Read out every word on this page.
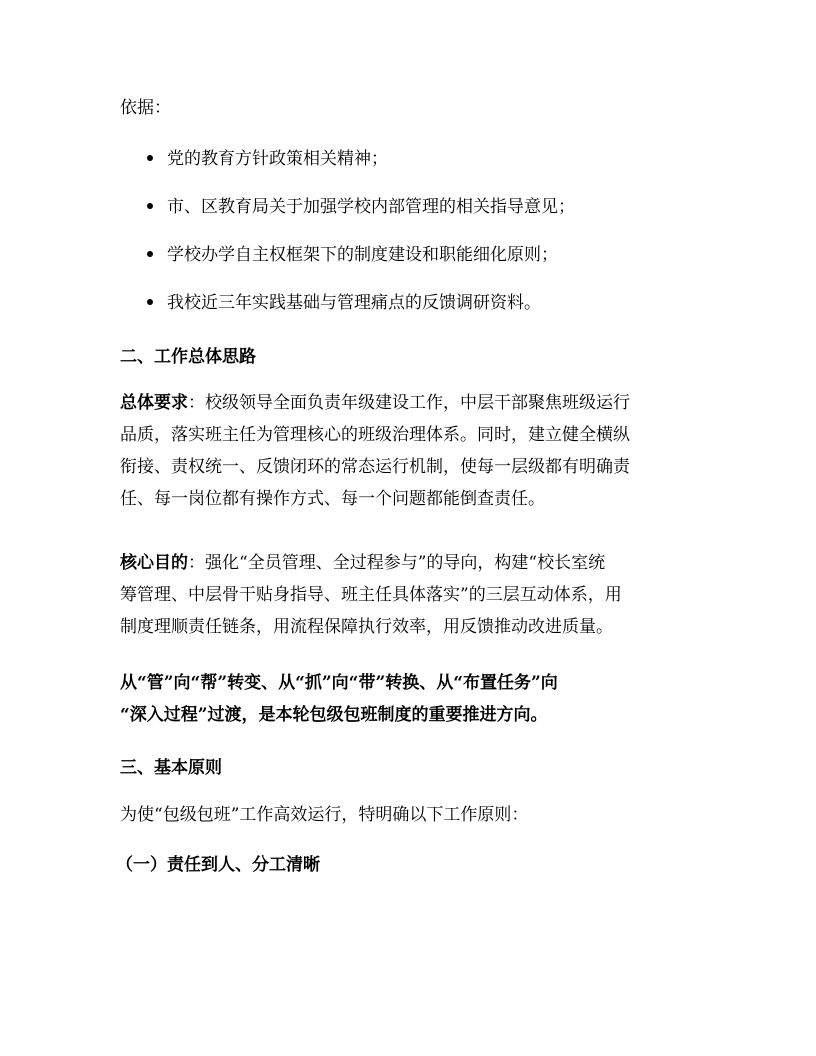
依据：

党的教育方针政策相关精神；
市、区教育局关于加强学校内部管理的相关指导意见；
学校办学自主权框架下的制度建设和职能细化原则；
我校近三年实践基础与管理痛点的反馈调研资料。

二、工作总体思路

总体要求：校级领导全面负责年级建设工作，中层干部聚焦班级运行
品质，落实班主任为管理核心的班级治理体系。同时，建立健全横纵
衔接、责权统一、反馈闭环的常态运行机制，使每一层级都有明确责
任、每一岗位都有操作方式、每一个问题都能倒查责任。
核心目的：强化“全员管理、全过程参与”的导向，构建“校长室统
筹管理、中层骨干贴身指导、班主任具体落实”的三层互动体系，用
制度理顺责任链条，用流程保障执行效率，用反馈推动改进质量。
从“管”向“帮”转变、从“抓”向“带”转换、从“布置任务”向
“深入过程”过渡，是本轮包级包班制度的重要推进方向。

三、基本原则

为使“包级包班”工作高效运行，特明确以下工作原则：

（一）责任到人、分工清晰
